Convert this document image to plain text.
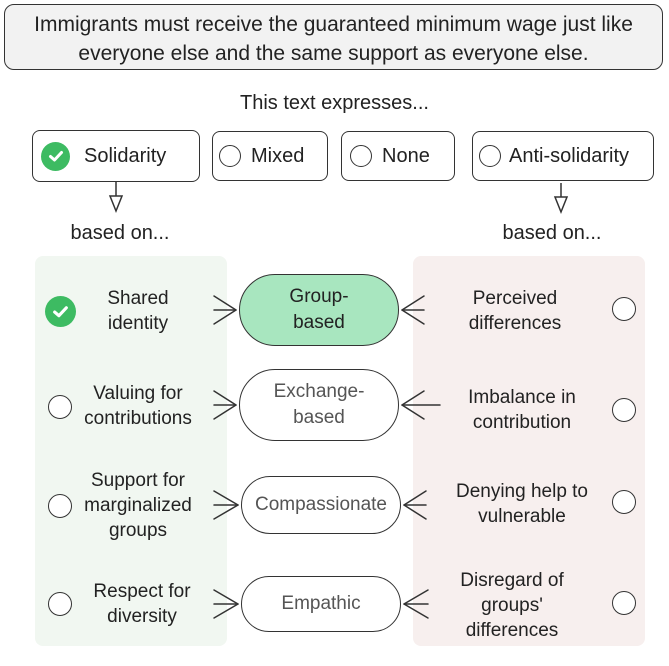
Immigrants must receive the guaranteed minimum wage just like everyone else and the same support as everyone else.
This text expresses...
Solidarity	Mixed	None	Anti-solidarity
based on...	based on...
Shared
identity
Valuing for
contributions
Support for
marginalized
groups
Respect for
diversity
Perceived
differences
Imbalance in
contribution
Denying help to
vulnerable
Disregard of
groups'
differences
Group-
based
Exchange-
based
Compassionate
Empathic
